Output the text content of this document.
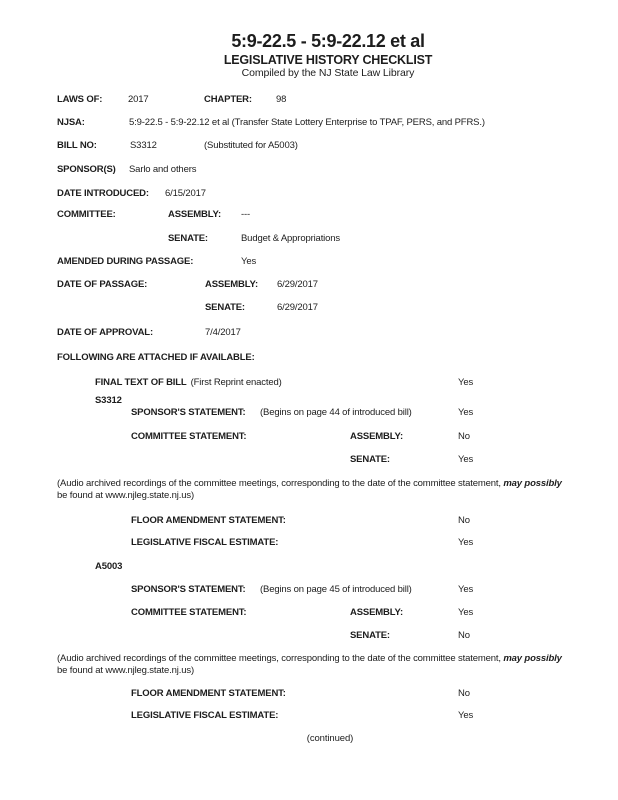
5:9-22.5 - 5:9-22.12 et al
LEGISLATIVE HISTORY CHECKLIST
Compiled by the NJ State Law Library
LAWS OF:	2017	CHAPTER:	98
NJSA:	5:9-22.5 - 5:9-22.12 et al (Transfer State Lottery Enterprise to TPAF, PERS, and PFRS.)
BILL NO:	S3312	(Substituted for A5003)
SPONSOR(S) Sarlo and others
DATE INTRODUCED: 6/15/2017
COMMITTEE:	ASSEMBLY: ---
SENATE:	Budget & Appropriations
AMENDED DURING PASSAGE:	Yes
DATE OF PASSAGE:	ASSEMBLY: 6/29/2017
SENATE:	6/29/2017
DATE OF APPROVAL:	7/4/2017
FOLLOWING ARE ATTACHED IF AVAILABLE:
FINAL TEXT OF BILL (First Reprint enacted)	Yes
S3312
SPONSOR'S STATEMENT: (Begins on page 44 of introduced bill)	Yes
COMMITTEE STATEMENT:	ASSEMBLY:	No
SENATE:	Yes
(Audio archived recordings of the committee meetings, corresponding to the date of the committee statement, may possibly
be found at www.njleg.state.nj.us)
FLOOR AMENDMENT STATEMENT:	No
LEGISLATIVE FISCAL ESTIMATE:	Yes
A5003
SPONSOR'S STATEMENT: (Begins on page 45 of introduced bill)	Yes
COMMITTEE STATEMENT:	ASSEMBLY:	Yes
SENATE:	No
(Audio archived recordings of the committee meetings, corresponding to the date of the committee statement, may possibly
be found at www.njleg.state.nj.us)
FLOOR AMENDMENT STATEMENT:	No
LEGISLATIVE FISCAL ESTIMATE:	Yes
(continued)
